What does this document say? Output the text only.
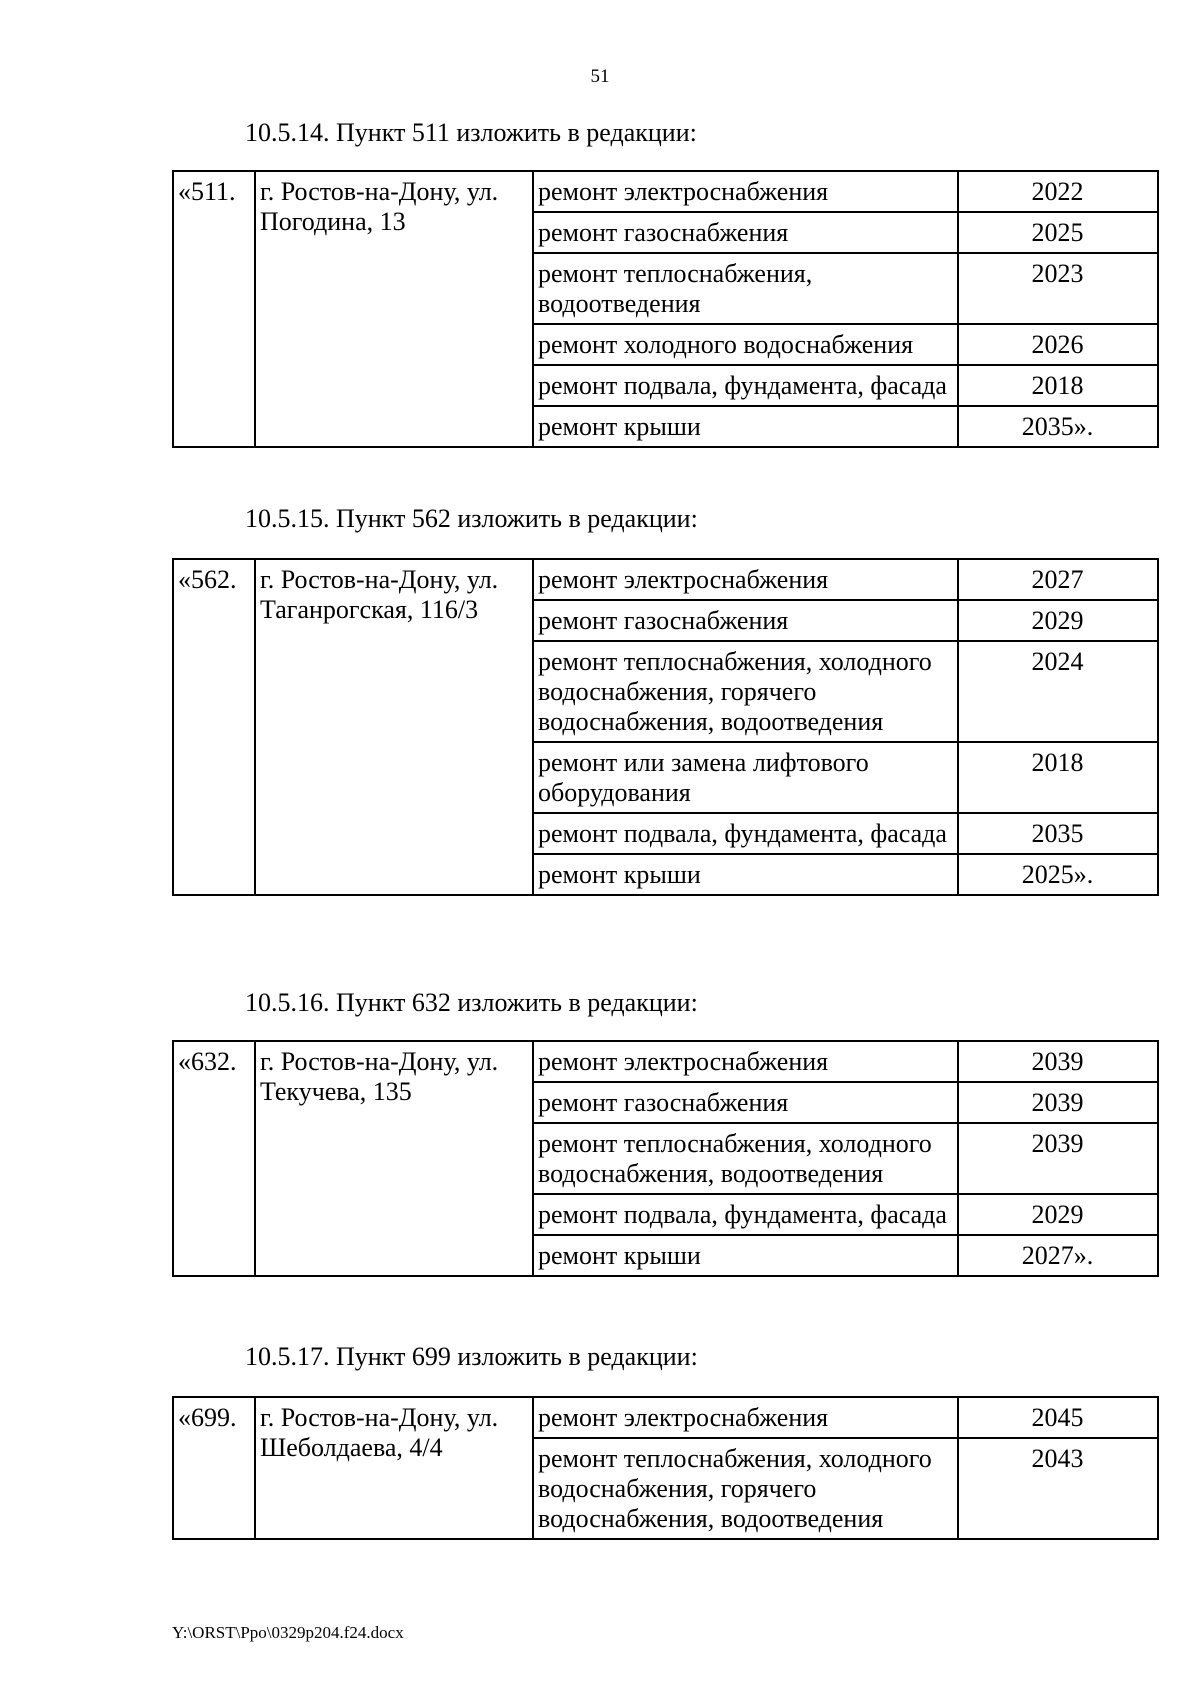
51
10.5.14. Пункт 511 изложить в редакции:
«511.	г. Ростов-на-Дону, ул. Погодина, 13	ремонт электроснабжения	2022
		ремонт газоснабжения	2025
		ремонт теплоснабжения, водоотведения	2023
		ремонт холодного водоснабжения	2026
		ремонт подвала, фундамента, фасада	2018
		ремонт крыши	2035».
10.5.15. Пункт 562 изложить в редакции:
«562.	г. Ростов-на-Дону, ул. Таганрогская, 116/3	ремонт электроснабжения	2027
		ремонт газоснабжения	2029
		ремонт теплоснабжения, холодного водоснабжения, горячего водоснабжения, водоотведения	2024
		ремонт или замена лифтового оборудования	2018
		ремонт подвала, фундамента, фасада	2035
		ремонт крыши	2025».
10.5.16. Пункт 632 изложить в редакции:
«632.	г. Ростов-на-Дону, ул. Текучева, 135	ремонт электроснабжения	2039
		ремонт газоснабжения	2039
		ремонт теплоснабжения, холодного водоснабжения, водоотведения	2039
		ремонт подвала, фундамента, фасада	2029
		ремонт крыши	2027».
10.5.17. Пункт 699 изложить в редакции:
«699.	г. Ростов-на-Дону, ул. Шеболдаева, 4/4	ремонт электроснабжения	2045
		ремонт теплоснабжения, холодного водоснабжения, горячего водоснабжения, водоотведения	2043
Y:\ORST\Ppo\0329p204.f24.docx
